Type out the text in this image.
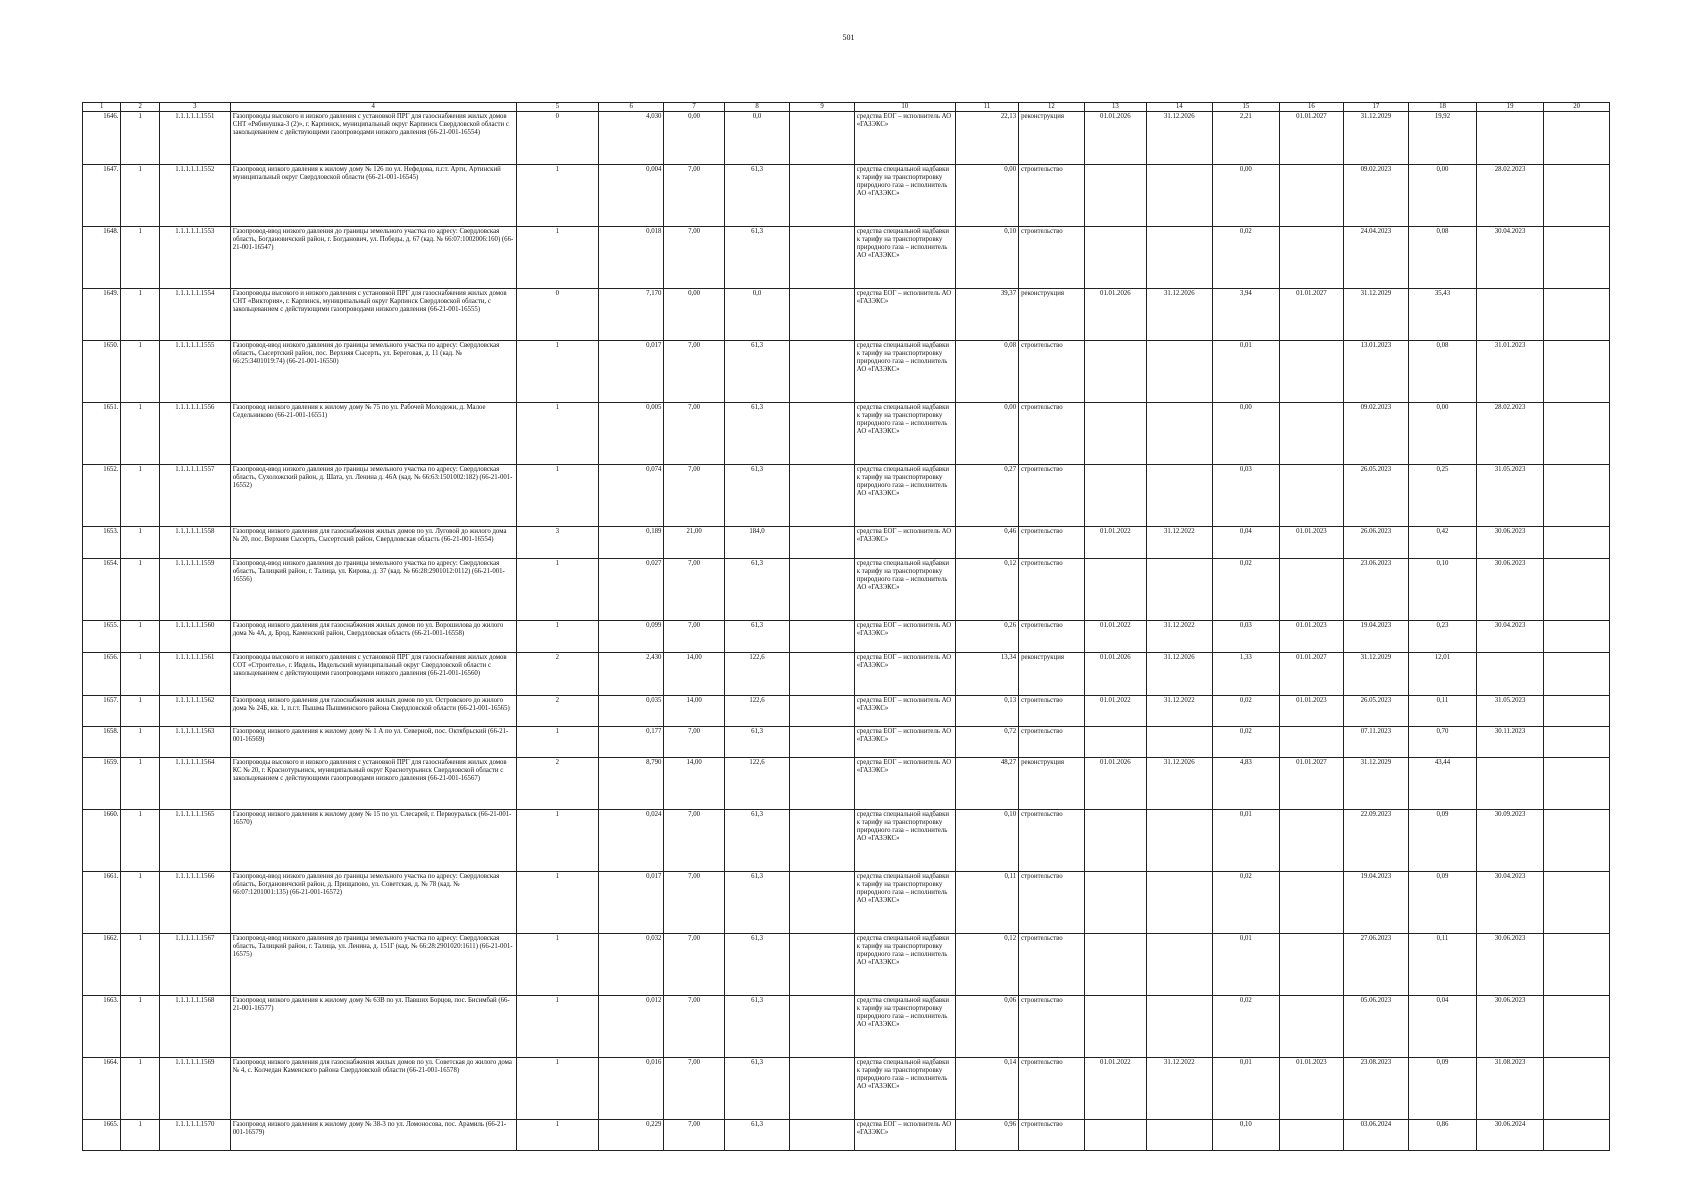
501
1	2	3	4	5	6	7	8	9	10	11	12	13	14	15	16	17	18	19	20
1646.	1	1.1.1.1.1.1551	Газопроводы высокого и низкого давления с установкой ПРГ для газоснабжения жилых домов СНТ «Рябинушка-3 (2)», г. Карпинск, муниципальный округ Карпинск Свердловской области с закольцеванием с действующими газопроводами низкого давления (66-21-001-16554)	0	4,030	0,00	0,0		средства ЕОГ – исполнитель АО «ГАЗЭКС»	22,13	реконструкция	01.01.2026	31.12.2026	2,21	01.01.2027	31.12.2029	19,92		
1647.	1	1.1.1.1.1.1552	Газопровод низкого давления к жилому дому № 126 по ул. Нефедова, п.г.т. Арти, Артинский муниципальный округ Свердловской области (66-21-001-16545)	1	0,004	7,00	61,3		средства специальной надбавки к тарифу на транспортировку природного газа – исполнитель АО «ГАЗЭКС»	0,00	строительство			0,00		09.02.2023	0,00	28.02.2023	
1648.	1	1.1.1.1.1.1553	Газопровод-ввод низкого давления до границы земельного участка по адресу: Свердловская область, Богдановичский район, г. Богданович, ул. Победы, д. 67 (кад. № 66:07:1002006:160) (66-21-001-16547)	1	0,018	7,00	61,3		средства специальной надбавки к тарифу на транспортировку природного газа – исполнитель АО «ГАЗЭКС»	0,10	строительство			0,02		24.04.2023	0,08	30.04.2023	
1649.	1	1.1.1.1.1.1554	Газопроводы высокого и низкого давления с установкой ПРГ для газоснабжения жилых домов СНТ «Виктория», г. Карпинск, муниципальный округ Карпинск Свердловской области, с закольцеванием с действующими газопроводами низкого давления (66-21-001-16555)	0	7,170	0,00	0,0		средства ЕОГ – исполнитель АО «ГАЗЭКС»	39,37	реконструкция	01.01.2026	31.12.2026	3,94	01.01.2027	31.12.2029	35,43		
1650.	1	1.1.1.1.1.1555	Газопровод-ввод низкого давления до границы земельного участка по адресу: Свердловская область, Сысертский район, пос. Верхняя Сысерть, ул. Береговая, д. 11 (кад. № 66:25:3401019:74) (66-21-001-16550)	1	0,017	7,00	61,3		средства специальной надбавки к тарифу на транспортировку природного газа – исполнитель АО «ГАЗЭКС»	0,08	строительство			0,01		13.01.2023	0,08	31.01.2023	
1651.	1	1.1.1.1.1.1556	Газопровод низкого давления к жилому дому № 75 по ул. Рабочей Молодежи, д. Малое Седельниково (66-21-001-16551)	1	0,005	7,00	61,3		средства специальной надбавки к тарифу на транспортировку природного газа – исполнитель АО «ГАЗЭКС»	0,00	строительство			0,00		09.02.2023	0,00	28.02.2023	
1652.	1	1.1.1.1.1.1557	Газопровод-ввод низкого давления до границы земельного участка по адресу: Свердловская область, Сухоложский район, д. Шата, ул. Ленина д. 46А (кад. № 66:63:1501002:182) (66-21-001-16552)	1	0,074	7,00	61,3		средства специальной надбавки к тарифу на транспортировку природного газа – исполнитель АО «ГАЗЭКС»	0,27	строительство			0,03		26.05.2023	0,25	31.05.2023	
1653.	1	1.1.1.1.1.1558	Газопровод низкого давления для газоснабжения жилых домов по ул. Луговой до жилого дома № 20, пос. Верхняя Сысерть, Сысертский район, Свердловская область (66-21-001-16554)	3	0,189	21,00	184,0		средства ЕОГ – исполнитель АО «ГАЗЭКС»	0,46	строительство	01.01.2022	31.12.2022	0,04	01.01.2023	26.06.2023	0,42	30.06.2023	
1654.	1	1.1.1.1.1.1559	Газопровод-ввод низкого давления до границы земельного участка по адресу: Свердловская область, Талицкий район, г. Талица, ул. Кирова, д. 37 (кад. № 66:28:2901012:0112) (66-21-001-16556)	1	0,027	7,00	61,3		средства специальной надбавки к тарифу на транспортировку природного газа – исполнитель АО «ГАЗЭКС»	0,12	строительство			0,02		23.06.2023	0,10	30.06.2023	
1655.	1	1.1.1.1.1.1560	Газопровод низкого давления для газоснабжения жилых домов по ул. Ворошилова до жилого дома № 4А, д. Брод, Каменский район, Свердловская область (66-21-001-16558)	1	0,099	7,00	61,3		средства ЕОГ – исполнитель АО «ГАЗЭКС»	0,26	строительство	01.01.2022	31.12.2022	0,03	01.01.2023	19.04.2023	0,23	30.04.2023	
1656.	1	1.1.1.1.1.1561	Газопроводы высокого и низкого давления с установкой ПРГ для газоснабжения жилых домов СОТ «Строитель», г. Ивдель, Ивдельский муниципальный округ Свердловской области с закольцеванием с действующими газопроводами низкого давления (66-21-001-16560)	2	2,430	14,00	122,6		средства ЕОГ – исполнитель АО «ГАЗЭКС»	13,34	реконструкция	01.01.2026	31.12.2026	1,33	01.01.2027	31.12.2029	12,01		
1657.	1	1.1.1.1.1.1562	Газопровод низкого давления для газоснабжения жилых домов по ул. Островского до жилого дома № 24Б, кв. 1, п.г.т. Пышма Пышминского района Свердловской области (66-21-001-16565)	2	0,035	14,00	122,6		средства ЕОГ – исполнитель АО «ГАЗЭКС»	0,13	строительство	01.01.2022	31.12.2022	0,02	01.01.2023	26.05.2023	0,11	31.05.2023	
1658.	1	1.1.1.1.1.1563	Газопровод низкого давления к жилому дому № 1 А по ул. Северной, пос. Октябрьский (66-21-001-16569)	1	0,177	7,00	61,3		средства ЕОГ – исполнитель АО «ГАЗЭКС»	0,72	строительство			0,02		07.11.2023	0,70	30.11.2023	
1659.	1	1.1.1.1.1.1564	Газопроводы высокого и низкого давления с установкой ПРГ для газоснабжения жилых домов КС № 20, г. Краснотурьинск, муниципальный округ Краснотурьинск Свердловской области с закольцеванием с действующими газопроводами низкого давления (66-21-001-16567)	2	8,790	14,00	122,6		средства ЕОГ – исполнитель АО «ГАЗЭКС»	48,27	реконструкция	01.01.2026	31.12.2026	4,83	01.01.2027	31.12.2029	43,44		
1660.	1	1.1.1.1.1.1565	Газопровод низкого давления к жилому дому № 15 по ул. Слесарей, г. Первоуральск (66-21-001-16570)	1	0,024	7,00	61,3		средства специальной надбавки к тарифу на транспортировку природного газа – исполнитель АО «ГАЗЭКС»	0,10	строительство			0,01		22.09.2023	0,09	30.09.2023	
1661.	1	1.1.1.1.1.1566	Газопровод-ввод низкого давления до границы земельного участка по адресу: Свердловская область, Богдановичский район, д. Прищапово, ул. Советская, д. № 78 (кад. № 66:07:1201001:135) (66-21-001-16572)	1	0,017	7,00	61,3		средства специальной надбавки к тарифу на транспортировку природного газа – исполнитель АО «ГАЗЭКС»	0,11	строительство			0,02		19.04.2023	0,09	30.04.2023	
1662.	1	1.1.1.1.1.1567	Газопровод-ввод низкого давления до границы земельного участка по адресу: Свердловская область, Талицкий район, г. Талица, ул. Ленина, д. 151Г (кад. № 66:28:2901020:1611) (66-21-001-16575)	1	0,032	7,00	61,3		средства специальной надбавки к тарифу на транспортировку природного газа – исполнитель АО «ГАЗЭКС»	0,12	строительство			0,01		27.06.2023	0,11	30.06.2023	
1663.	1	1.1.1.1.1.1568	Газопровод низкого давления к жилому дому № 63В по ул. Павших Борцов, пос. Бисимбай (66-21-001-16577)	1	0,012	7,00	61,3		средства специальной надбавки к тарифу на транспортировку природного газа – исполнитель АО «ГАЗЭКС»	0,06	строительство			0,02		05.06.2023	0,04	30.06.2023	
1664.	1	1.1.1.1.1.1569	Газопровод низкого давления для газоснабжения жилых домов по ул. Советская до жилого дома № 4, с. Колчедан Каменского района Свердловской области (66-21-001-16578)	1	0,016	7,00	61,3		средства специальной надбавки к тарифу на транспортировку природного газа – исполнитель АО «ГАЗЭКС»	0,14	строительство	01.01.2022	31.12.2022	0,01	01.01.2023	23.08.2023	0,09	31.08.2023	
1665.	1	1.1.1.1.1.1570	Газопровод низкого давления к жилому дому № 38-3 по ул. Ломоносова, пос. Арамиль (66-21-001-16579)	1	0,229	7,00	61,3		средства ЕОГ – исполнитель АО «ГАЗЭКС»	0,96	строительство			0,10		03.06.2024	0,86	30.06.2024	
